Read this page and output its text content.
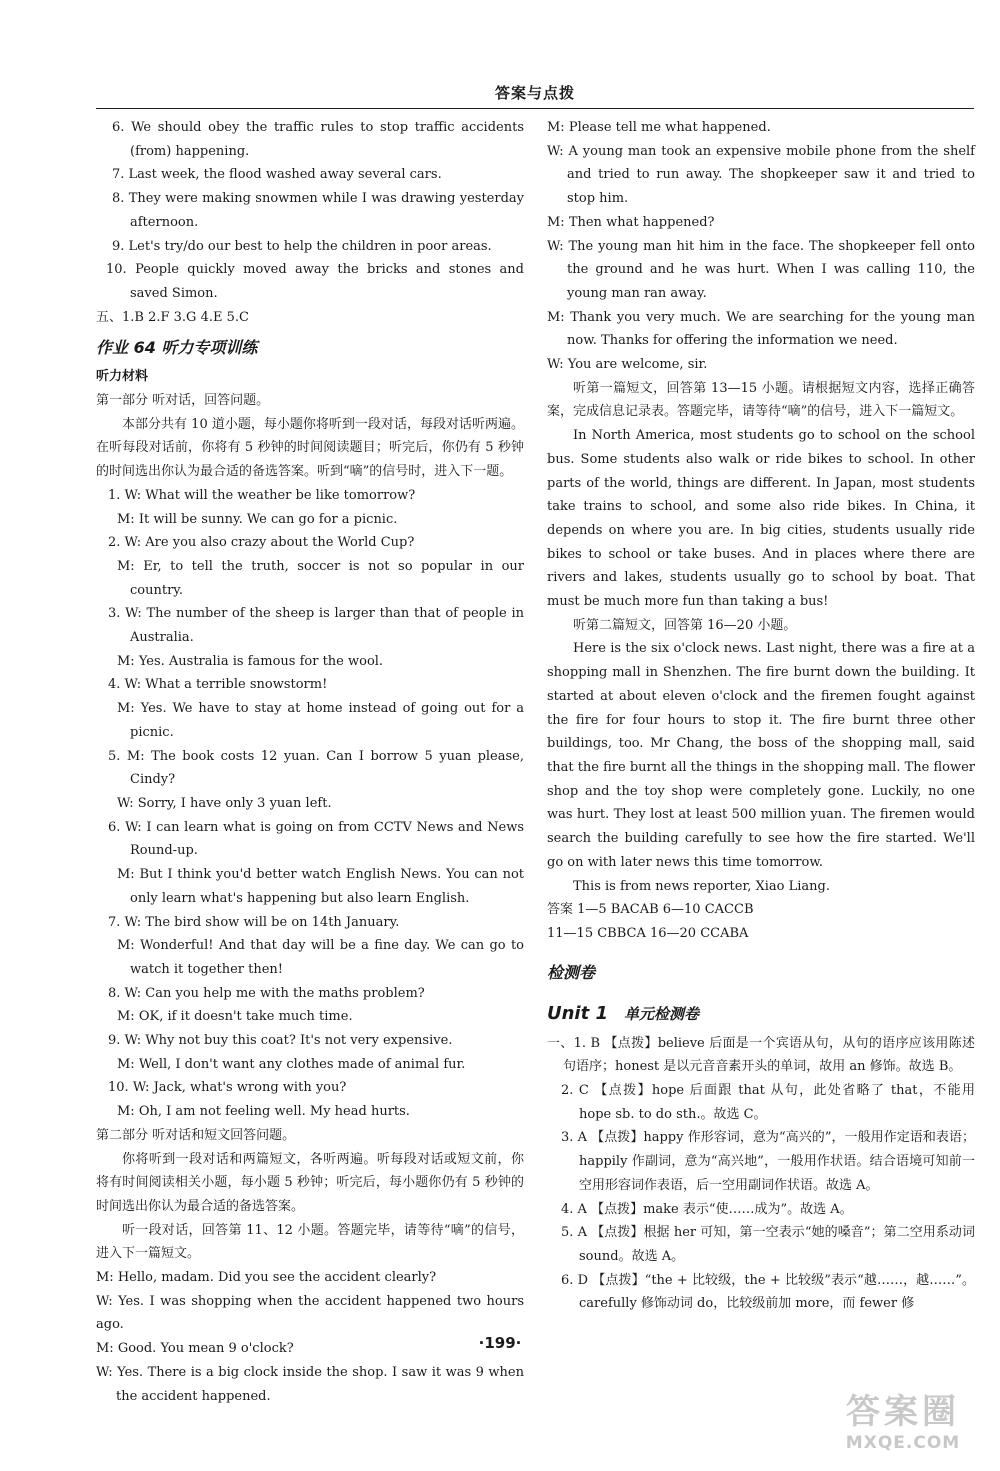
答案与点拨

6. We should obey the traffic rules to stop traffic accidents (from) happening.

7. Last week, the flood washed away several cars.

8. They were making snowmen while I was drawing yesterday afternoon.

9. Let's try/do our best to help the children in poor areas.

10. People quickly moved away the bricks and stones and saved Simon.

五、1.B 2.F 3.G 4.E 5.C

作业 64 听力专项训练

听力材料

第一部分 听对话，回答问题。

本部分共有 10 道小题，每小题你将听到一段对话，每段对话听两遍。在听每段对话前，你将有 5 秒钟的时间阅读题目；听完后，你仍有 5 秒钟的时间选出你认为最合适的备选答案。听到“嘀”的信号时，进入下一题。

1. W: What will the weather be like tomorrow?

M: It will be sunny. We can go for a picnic.

2. W: Are you also crazy about the World Cup?

M: Er, to tell the truth, soccer is not so popular in our country.

3. W: The number of the sheep is larger than that of people in Australia.

M: Yes. Australia is famous for the wool.

4. W: What a terrible snowstorm!

M: Yes. We have to stay at home instead of going out for a picnic.

5. M: The book costs 12 yuan. Can I borrow 5 yuan please, Cindy?

W: Sorry, I have only 3 yuan left.

6. W: I can learn what is going on from CCTV News and News Round-up.

M: But I think you'd better watch English News. You can not only learn what's happening but also learn English.

7. W: The bird show will be on 14th January.

M: Wonderful! And that day will be a fine day. We can go to watch it together then!

8. W: Can you help me with the maths problem?

M: OK, if it doesn't take much time.

9. W: Why not buy this coat? It's not very expensive.

M: Well, I don't want any clothes made of animal fur.

10. W: Jack, what's wrong with you?

M: Oh, I am not feeling well. My head hurts.

第二部分 听对话和短文回答问题。

你将听到一段对话和两篇短文，各听两遍。听每段对话或短文前，你将有时间阅读相关小题，每小题 5 秒钟；听完后，每小题你仍有 5 秒钟的时间选出你认为最合适的备选答案。

听一段对话，回答第 11、12 小题。答题完毕，请等待“嘀”的信号，进入下一篇短文。

M: Hello, madam. Did you see the accident clearly?

W: Yes. I was shopping when the accident happened two hours ago.

M: Good. You mean 9 o'clock?

W: Yes. There is a big clock inside the shop. I saw it was 9 when the accident happened.

M: Please tell me what happened.

W: A young man took an expensive mobile phone from the shelf and tried to run away. The shopkeeper saw it and tried to stop him.

M: Then what happened?

W: The young man hit him in the face. The shopkeeper fell onto the ground and he was hurt. When I was calling 110, the young man ran away.

M: Thank you very much. We are searching for the young man now. Thanks for offering the information we need.

W: You are welcome, sir.

听第一篇短文，回答第 13—15 小题。请根据短文内容，选择正确答案，完成信息记录表。答题完毕，请等待“嘀”的信号，进入下一篇短文。

In North America, most students go to school on the school bus. Some students also walk or ride bikes to school. In other parts of the world, things are different. In Japan, most students take trains to school, and some also ride bikes. In China, it depends on where you are. In big cities, students usually ride bikes to school or take buses. And in places where there are rivers and lakes, students usually go to school by boat. That must be much more fun than taking a bus!

听第二篇短文，回答第 16—20 小题。

Here is the six o'clock news. Last night, there was a fire at a shopping mall in Shenzhen. The fire burnt down the building. It started at about eleven o'clock and the firemen fought against the fire for four hours to stop it. The fire burnt three other buildings, too. Mr Chang, the boss of the shopping mall, said that the fire burnt all the things in the shopping mall. The flower shop and the toy shop were completely gone. Luckily, no one was hurt. They lost at least 500 million yuan. The firemen would search the building carefully to see how the fire started. We'll go on with later news this time tomorrow.

This is from news reporter, Xiao Liang.

答案 1—5 BACAB 6—10 CACCB

11—15 CBBCA 16—20 CCABA

检测卷
Unit 1 单元检测卷

一、1. B 【点拨】believe 后面是一个宾语从句，从句的语序应该用陈述句语序；honest 是以元音音素开头的单词，故用 an 修饰。故选 B。

2. C 【点拨】hope 后面跟 that 从句，此处省略了 that，不能用 hope sb. to do sth.。故选 C。

3. A 【点拨】happy 作形容词，意为“高兴的”，一般用作定语和表语；happily 作副词，意为“高兴地”，一般用作状语。结合语境可知前一空用形容词作表语，后一空用副词作状语。故选 A。

4. A 【点拨】make 表示“使……成为”。故选 A。

5. A 【点拨】根据 her 可知，第一空表示“她的嗓音”；第二空用系动词 sound。故选 A。

6. D 【点拨】“the + 比较级，the + 比较级”表示“越……，越……”。carefully 修饰动词 do，比较级前加 more，而 fewer 修

·199·
答案圈
MXQE.COM
